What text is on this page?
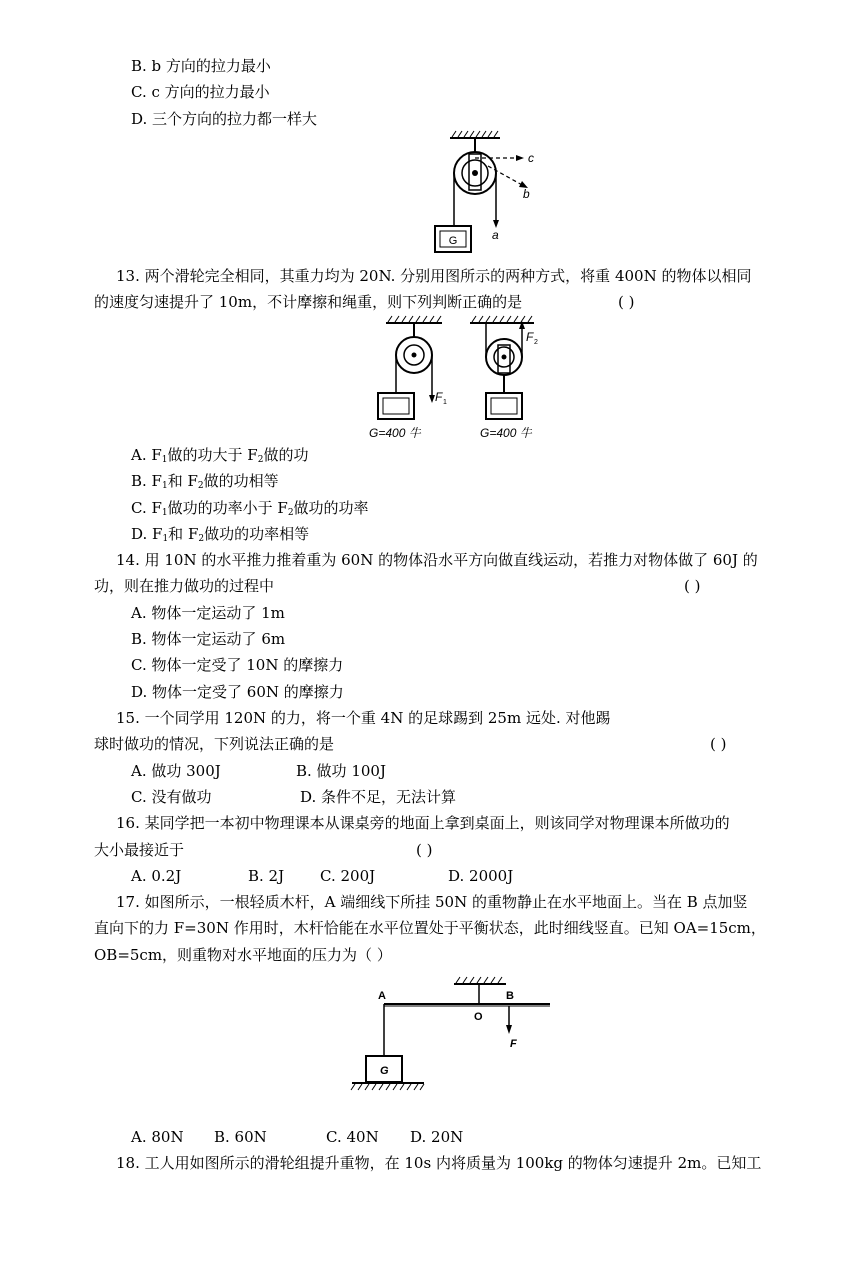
B. b 方向的拉力最小
C. c 方向的拉力最小
D. 三个方向的拉力都一样大
G
c
b
a
13. 两个滑轮完全相同，其重力均为 20N. 分别用图所示的两种方式，将重 400N 的物体以相同
的速度匀速提升了 10m，不计摩擦和绳重，则下列判断正确的是	( )
F 1
G=400 牛
F 2
G=400 牛
A. $F_1$做的功大于 $F_2$做的功
B. $F_1$和 $F_2$做的功相等
C. $F_1$做功的功率小于 $F_2$做功的功率
D. $F_1$和 $F_2$做功的功率相等
14. 用 10N 的水平推力推着重为 60N 的物体沿水平方向做直线运动，若推力对物体做了 60J 的
功，则在推力做功的过程中	( )
A. 物体一定运动了 1m
B. 物体一定运动了 6m
C. 物体一定受了 10N 的摩擦力
D. 物体一定受了 60N 的摩擦力
15. 一个同学用 120N 的力，将一个重 4N 的足球踢到 25m 远处. 对他踢
球时做功的情况，下列说法正确的是	( )
A. 做功 300J	B. 做功 100J
C. 没有做功	D. 条件不足，无法计算
16. 某同学把一本初中物理课本从课桌旁的地面上拿到桌面上，则该同学对物理课本所做功的
大小最接近于	( )
A. 0.2J	B. 2J C. 200J	D. 2000J
17. 如图所示，一根轻质木杆，A 端细线下所挂 50N 的重物静止在水平地面上。当在 B 点加竖
直向下的力 F=30N 作用时，木杆恰能在水平位置处于平衡状态，此时细线竖直。已知 OA=15cm，
OB=5cm，则重物对水平地面的压力为（ ）
A
O
B
F
G
A. 80N B. 60N	C. 40N D. 20N
18. 工人用如图所示的滑轮组提升重物，在 10s 内将质量为 100kg 的物体匀速提升 2m。已知工
